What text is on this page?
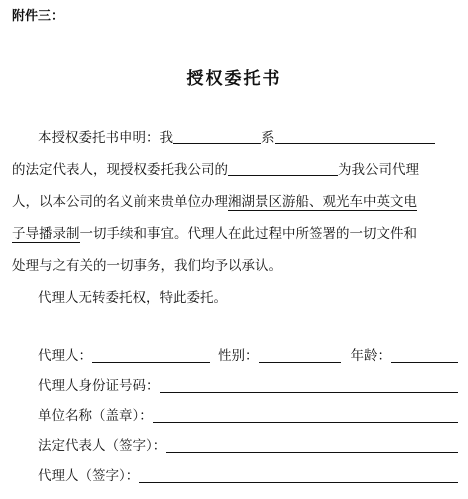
附件三：
授权委托书
本授权委托书申明：我	系
的法定代表人，现授权委托我公司的	为我公司代理
人，以本公司的名义前来贵单位办理湘湖景区游船、观光车中英文电
子导播录制一切手续和事宜。代理人在此过程中所签署的一切文件和
处理与之有关的一切事务，我们均予以承认。
代理人无转委托权，特此委托。
代理人：	性别：	年龄：
代理人身份证号码：
单位名称（盖章）：
法定代表人（签字）：
代理人（签字）：
